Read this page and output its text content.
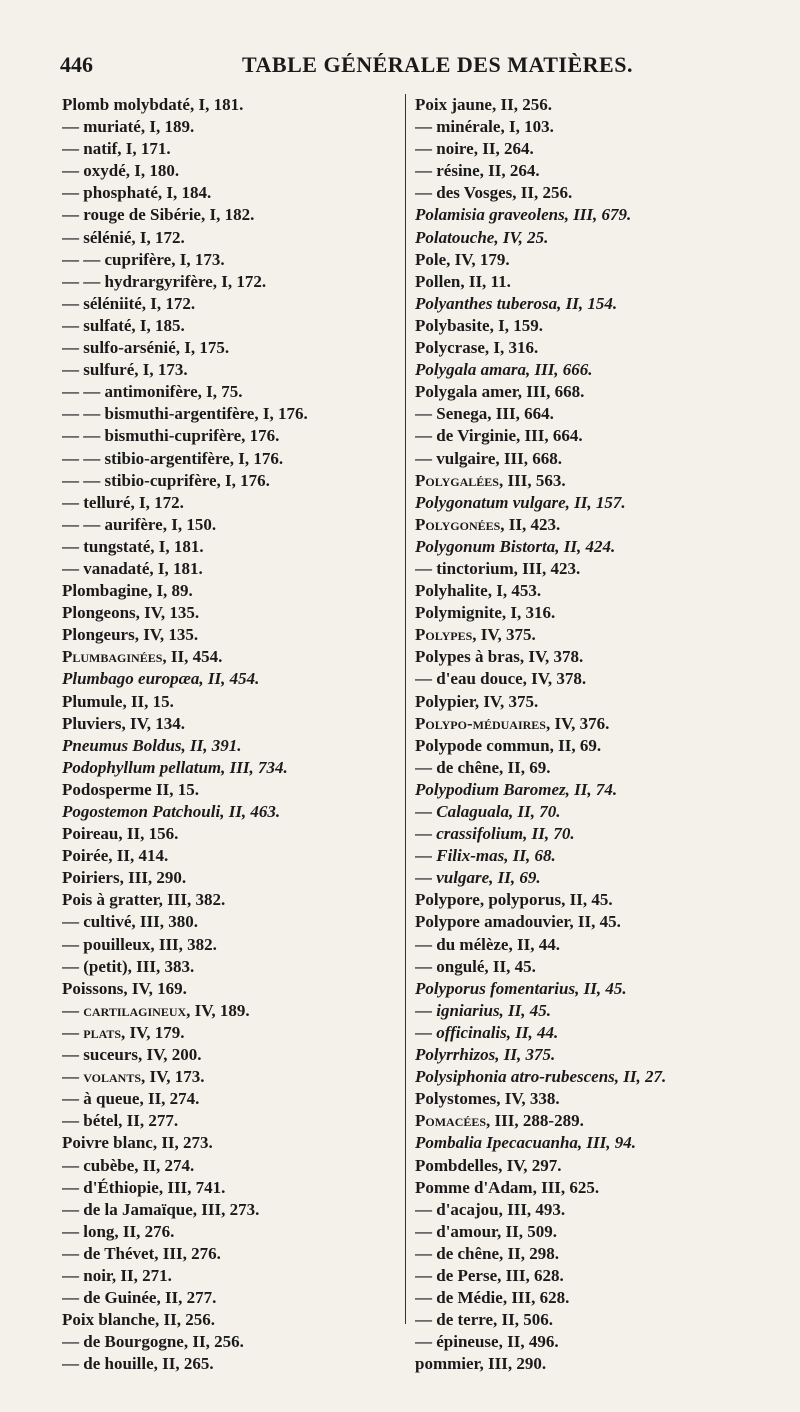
446	TABLE GÉNÉRALE DES MATIÈRES.
Plomb molybdaté, I, 181.
— muriaté, I, 189.
— natif, I, 171.
— oxydé, I, 180.
— phosphaté, I, 184.
— rouge de Sibérie, I, 182.
— sélénié, I, 172.
— — cuprifère, I, 173.
— — hydrargyrifère, I, 172.
— séléniité, I, 172.
— sulfaté, I, 185.
— sulfo-arsénié, I, 175.
— sulfuré, I, 173.
— — antimonifère, I, 75.
— — bismuthi-argentifère, I, 176.
— — bismuthi-cuprifère, 176.
— — stibio-argentifère, I, 176.
— — stibio-cuprifère, I, 176.
— telluré, I, 172.
— — aurifère, I, 150.
— tungstaté, I, 181.
— vanadaté, I, 181.
Plombagine, I, 89.
Plongeons, IV, 135.
Plongeurs, IV, 135.
Plumbaginées, II, 454.
Plumbago europæa, II, 454.
Plumule, II, 15.
Pluviers, IV, 134.
Pneumus Boldus, II, 391.
Podophyllum pellatum, III, 734.
Podosperme II, 15.
Pogostemon Patchouli, II, 463.
Poireau, II, 156.
Poirée, II, 414.
Poiriers, III, 290.
Pois à gratter, III, 382.
— cultivé, III, 380.
— pouilleux, III, 382.
— (petit), III, 383.
Poissons, IV, 169.
— cartilagineux, IV, 189.
— plats, IV, 179.
— suceurs, IV, 200.
— volants, IV, 173.
— à queue, II, 274.
— bétel, II, 277.
Poivre blanc, II, 273.
— cubèbe, II, 274.
— d'Éthiopie, III, 741.
— de la Jamaïque, III, 273.
— long, II, 276.
— de Thévet, III, 276.
— noir, II, 271.
— de Guinée, II, 277.
Poix blanche, II, 256.
— de Bourgogne, II, 256.
— de houille, II, 265.
Poix jaune, II, 256.
— minérale, I, 103.
— noire, II, 264.
— résine, II, 264.
— des Vosges, II, 256.
Polamisia graveolens, III, 679.
Polatouche, IV, 25.
Pole, IV, 179.
Pollen, II, 11.
Polyanthes tuberosa, II, 154.
Polybasite, I, 159.
Polycrase, I, 316.
Polygala amara, III, 666.
Polygala amer, III, 668.
— Senega, III, 664.
— de Virginie, III, 664.
— vulgaire, III, 668.
Polygalées, III, 563.
Polygonatum vulgare, II, 157.
Polygonées, II, 423.
Polygonum Bistorta, II, 424.
— tinctorium, III, 423.
Polyhalite, I, 453.
Polymignite, I, 316.
Polypes, IV, 375.
Polypes à bras, IV, 378.
— d'eau douce, IV, 378.
Polypier, IV, 375.
Polypo-méduaires, IV, 376.
Polypode commun, II, 69.
— de chêne, II, 69.
Polypodium Baromez, II, 74.
— Calaguala, II, 70.
— crassifolium, II, 70.
— Filix-mas, II, 68.
— vulgare, II, 69.
Polypore, polyporus, II, 45.
Polypore amadouvier, II, 45.
— du mélèze, II, 44.
— ongulé, II, 45.
Polyporus fomentarius, II, 45.
— igniarius, II, 45.
— officinalis, II, 44.
Polyrrhizos, II, 375.
Polysiphonia atro-rubescens, II, 27.
Polystomes, IV, 338.
Pomacées, III, 288-289.
Pombalia Ipecacuanha, III, 94.
Pombdelles, IV, 297.
Pomme d'Adam, III, 625.
— d'acajou, III, 493.
— d'amour, II, 509.
— de chêne, II, 298.
— de Perse, III, 628.
— de Médie, III, 628.
— de terre, II, 506.
— épineuse, II, 496.
pommier, III, 290.
